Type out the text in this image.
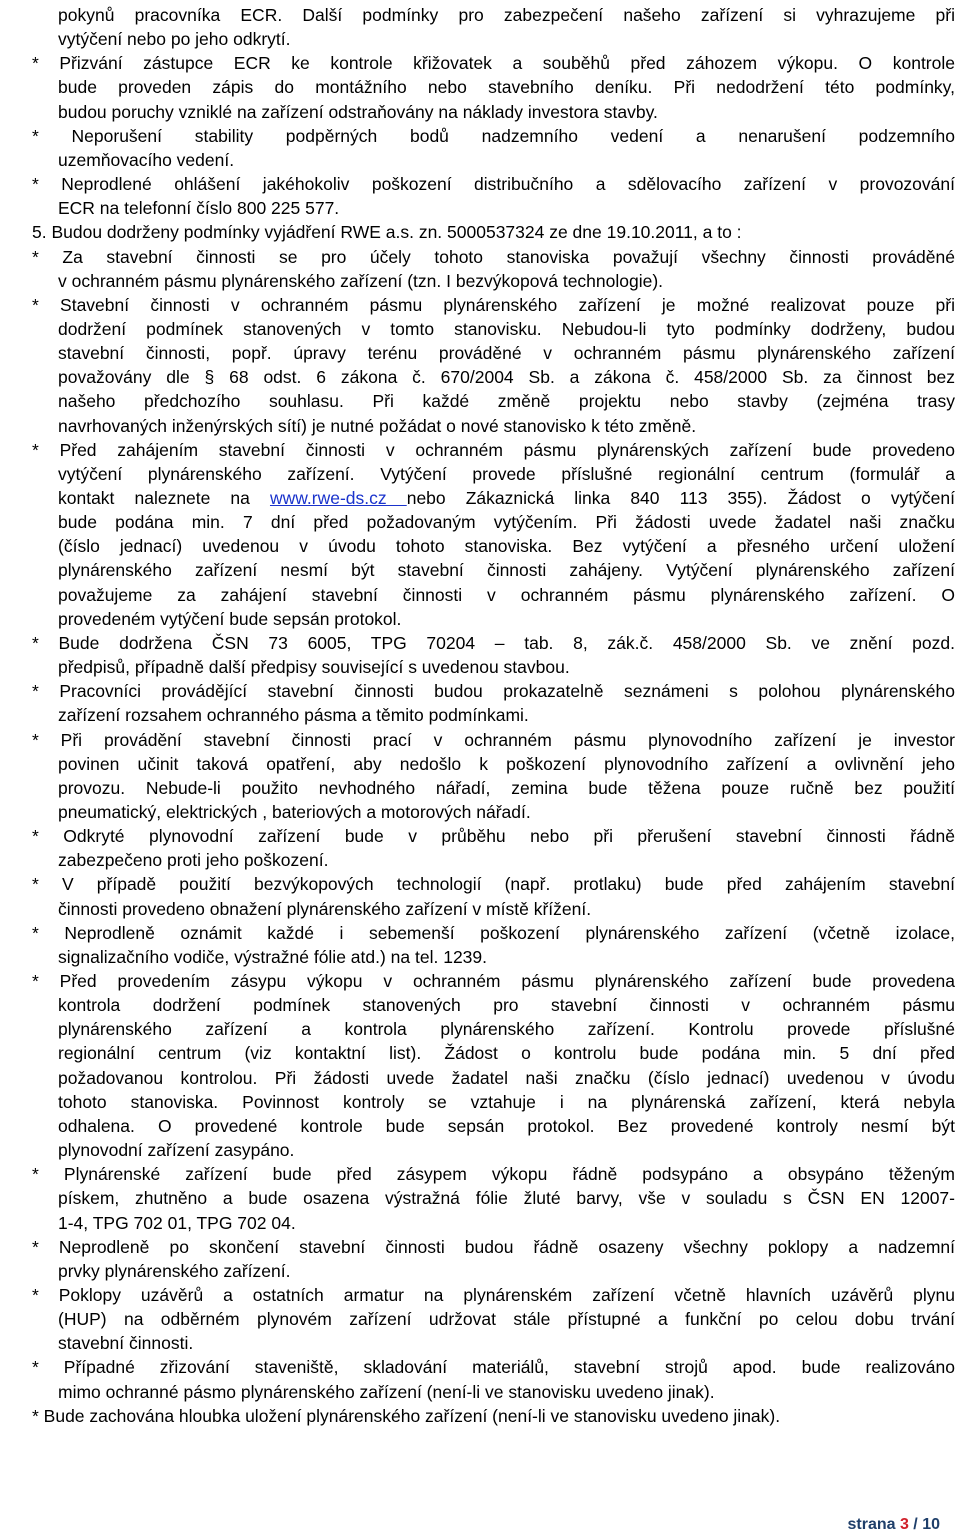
pokynů pracovníka ECR. Další podmínky pro zabezpečení našeho zařízení si vyhrazujeme při
vytýčení nebo po jeho odkrytí.
* Přizvání zástupce ECR ke kontrole křižovatek a souběhů před záhozem výkopu. O kontrole
bude proveden zápis do montážního nebo stavebního deníku. Při nedodržení této podmínky,
budou poruchy vzniklé na zařízení odstraňovány na náklady investora stavby.
* Neporušení stability podpěrných bodů nadzemního vedení a nenarušení podzemního
uzemňovacího vedení.
* Neprodlené ohlášení jakéhokoliv poškození distribučního a sdělovacího zařízení v provozování
ECR na telefonní číslo 800 225 577.
5. Budou dodrženy podmínky vyjádření RWE a.s. zn. 5000537324 ze dne 19.10.2011, a to :
* Za stavební činnosti se pro účely tohoto stanoviska považují všechny činnosti prováděné
v ochranném pásmu plynárenského zařízení (tzn. I bezvýkopová technologie).
* Stavební činnosti v ochranném pásmu plynárenského zařízení je možné realizovat pouze při
dodržení podmínek stanovených v tomto stanovisku. Nebudou-li tyto podmínky dodrženy, budou
stavební činnosti, popř. úpravy terénu prováděné v ochranném pásmu plynárenského zařízení
považovány dle § 68 odst. 6 zákona č. 670/2004 Sb. a zákona č. 458/2000 Sb. za činnost bez
našeho předchozího souhlasu. Při každé změně projektu nebo stavby (zejména trasy
navrhovaných inženýrských sítí) je nutné požádat o nové stanovisko k této změně.
* Před zahájením stavební činnosti v ochranném pásmu plynárenských zařízení bude provedeno
vytýčení plynárenského zařízení. Vytýčení provede příslušné regionální centrum (formulář a
kontakt naleznete na www.rwe-ds.cz nebo Zákaznická linka 840 113 355). Žádost o vytýčení
bude podána min. 7 dní před požadovaným vytýčením. Při žádosti uvede žadatel naši značku
(číslo jednací) uvedenou v úvodu tohoto stanoviska. Bez vytýčení a přesného určení uložení
plynárenského zařízení nesmí být stavební činnosti zahájeny. Vytýčení plynárenského zařízení
považujeme za zahájení stavební činnosti v ochranném pásmu plynárenského zařízení. O
provedeném vytýčení bude sepsán protokol.
* Bude dodržena ČSN 73 6005, TPG 70204 – tab. 8, zák.č. 458/2000 Sb. ve znění pozd.
předpisů, případně další předpisy související s uvedenou stavbou.
* Pracovníci provádějící stavební činnosti budou prokazatelně seznámeni s polohou plynárenského
zařízení rozsahem ochranného pásma a těmito podmínkami.
* Při provádění stavební činnosti prací v ochranném pásmu plynovodního zařízení je investor
povinen učinit taková opatření, aby nedošlo k poškození plynovodního zařízení a ovlivnění jeho
provozu. Nebude-li použito nevhodného nářadí, zemina bude těžena pouze ručně bez použití
pneumatický, elektrických , bateriových a motorových nářadí.
* Odkryté plynovodní zařízení bude v průběhu nebo při přerušení stavební činnosti řádně
zabezpečeno proti jeho poškození.
* V případě použití bezvýkopových technologií (např. protlaku) bude před zahájením stavební
činnosti provedeno obnažení plynárenského zařízení v místě křížení.
* Neprodleně oznámit každé i sebemenší poškození plynárenského zařízení (včetně izolace,
signalizačního vodiče, výstražné fólie atd.) na tel. 1239.
* Před provedením zásypu výkopu v ochranném pásmu plynárenského zařízení bude provedena
kontrola dodržení podmínek stanovených pro stavební činnosti v ochranném pásmu
plynárenského zařízení a kontrola plynárenského zařízení. Kontrolu provede příslušné
regionální centrum (viz kontaktní list). Žádost o kontrolu bude podána min. 5 dní před
požadovanou kontrolou. Při žádosti uvede žadatel naši značku (číslo jednací) uvedenou v úvodu
tohoto stanoviska. Povinnost kontroly se vztahuje i na plynárenská zařízení, která nebyla
odhalena. O provedené kontrole bude sepsán protokol. Bez provedené kontroly nesmí být
plynovodní zařízení zasypáno.
* Plynárenské zařízení bude před zásypem výkopu řádně podsypáno a obsypáno těženým
pískem, zhutněno a bude osazena výstražná fólie žluté barvy, vše v souladu s ČSN EN 12007-
1-4, TPG 702 01, TPG 702 04.
* Neprodleně po skončení stavební činnosti budou řádně osazeny všechny poklopy a nadzemní
prvky plynárenského zařízení.
* Poklopy uzávěrů a ostatních armatur na plynárenském zařízení včetně hlavních uzávěrů plynu
(HUP) na odběrném plynovém zařízení udržovat stále přístupné a funkční po celou dobu trvání
stavební činnosti.
* Případné zřizování staveniště, skladování materiálů, stavební strojů apod. bude realizováno
mimo ochranné pásmo plynárenského zařízení (není-li ve stanovisku uvedeno jinak).
* Bude zachována hloubka uložení plynárenského zařízení (není-li ve stanovisku uvedeno jinak).
strana 3 / 10
